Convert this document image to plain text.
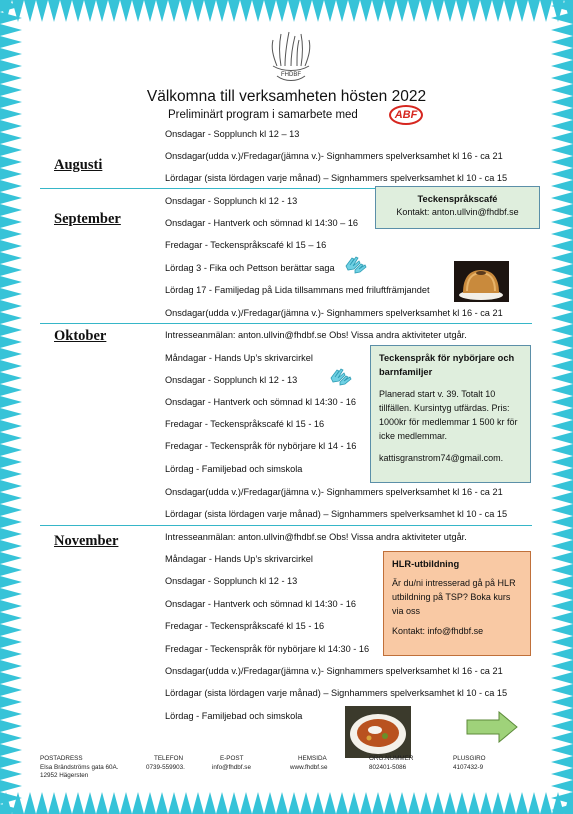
FHDBF
Välkomna till verksamheten hösten 2022
Preliminärt program i samarbete med	ABF
Augusti
September
Oktober
November
Onsdagar - Sopplunch kl 12 – 13
Onsdagar(udda v.)/Fredagar(jämna v.)- Signhammers spelverksamhet kl 16 - ca 21
Lördagar (sista lördagen varje månad) – Signhammers spelverksamhet kl 10 - ca 15
Onsdagar - Sopplunch kl 12 - 13
Onsdagar - Hantverk och sömnad kl 14:30 – 16
Fredagar - Teckenspråkscafé kl 15 – 16
Lördag 3 - Fika och Pettson berättar saga
Lördag 17 - Familjedag på Lida tillsammans med friluftfrämjandet
Onsdagar(udda v.)/Fredagar(jämna v.)- Signhammers spelverksamhet kl 16 - ca 21
Intresseanmälan: anton.ullvin@fhdbf.se Obs! Vissa andra aktiviteter utgår.
Måndagar - Hands Up’s skrivarcirkel
Onsdagar - Sopplunch kl 12 - 13
Onsdagar - Hantverk och sömnad kl 14:30 - 16
Fredagar - Teckenspråkscafé kl 15 - 16
Fredagar - Teckenspråk för nybörjare kl 14 - 16
Lördag - Familjebad och simskola
Onsdagar(udda v.)/Fredagar(jämna v.)- Signhammers spelverksamhet kl 16 - ca 21
Lördagar (sista lördagen varje månad) – Signhammers spelverksamhet kl 10 - ca 15
Intresseanmälan: anton.ullvin@fhdbf.se Obs! Vissa andra aktiviteter utgår.
Måndagar - Hands Up’s skrivarcirkel
Onsdagar - Sopplunch kl 12 - 13
Onsdagar - Hantverk och sömnad kl 14:30 - 16
Fredagar - Teckenspråkscafé kl 15 - 16
Fredagar - Teckenspråk för nybörjare kl 14:30 - 16
Onsdagar(udda v.)/Fredagar(jämna v.)- Signhammers spelverksamhet kl 16 - ca 21
Lördagar (sista lördagen varje månad) – Signhammers spelverksamhet kl 10 - ca 15
Lördag - Familjebad och simskola
Teckenspråkscafé
Kontakt: anton.ullvin@fhdbf.se
Teckenspråk för nybörjare och barnfamiljer
Planerad start v. 39. Totalt 10 tillfällen. Kursintyg utfärdas. Pris: 1000kr för medlemmar 1 500 kr för icke medlemmar.
kattisgranstrom74@gmail.com.
HLR-utbildning
Är du/ni intresserad gå på HLR utbildning på TSP? Boka kurs via oss
Kontakt: info@fhdbf.se
POSTADRESS
Elsa Brändströms gata 60A.
12952 Hägersten
TELEFON
0739-559903.
E-POST
info@fhdbf.se
HEMSIDA
www.fhdbf.se
ORG.NUMMER
802401-5086
PLUSGIRO
4107432-9
